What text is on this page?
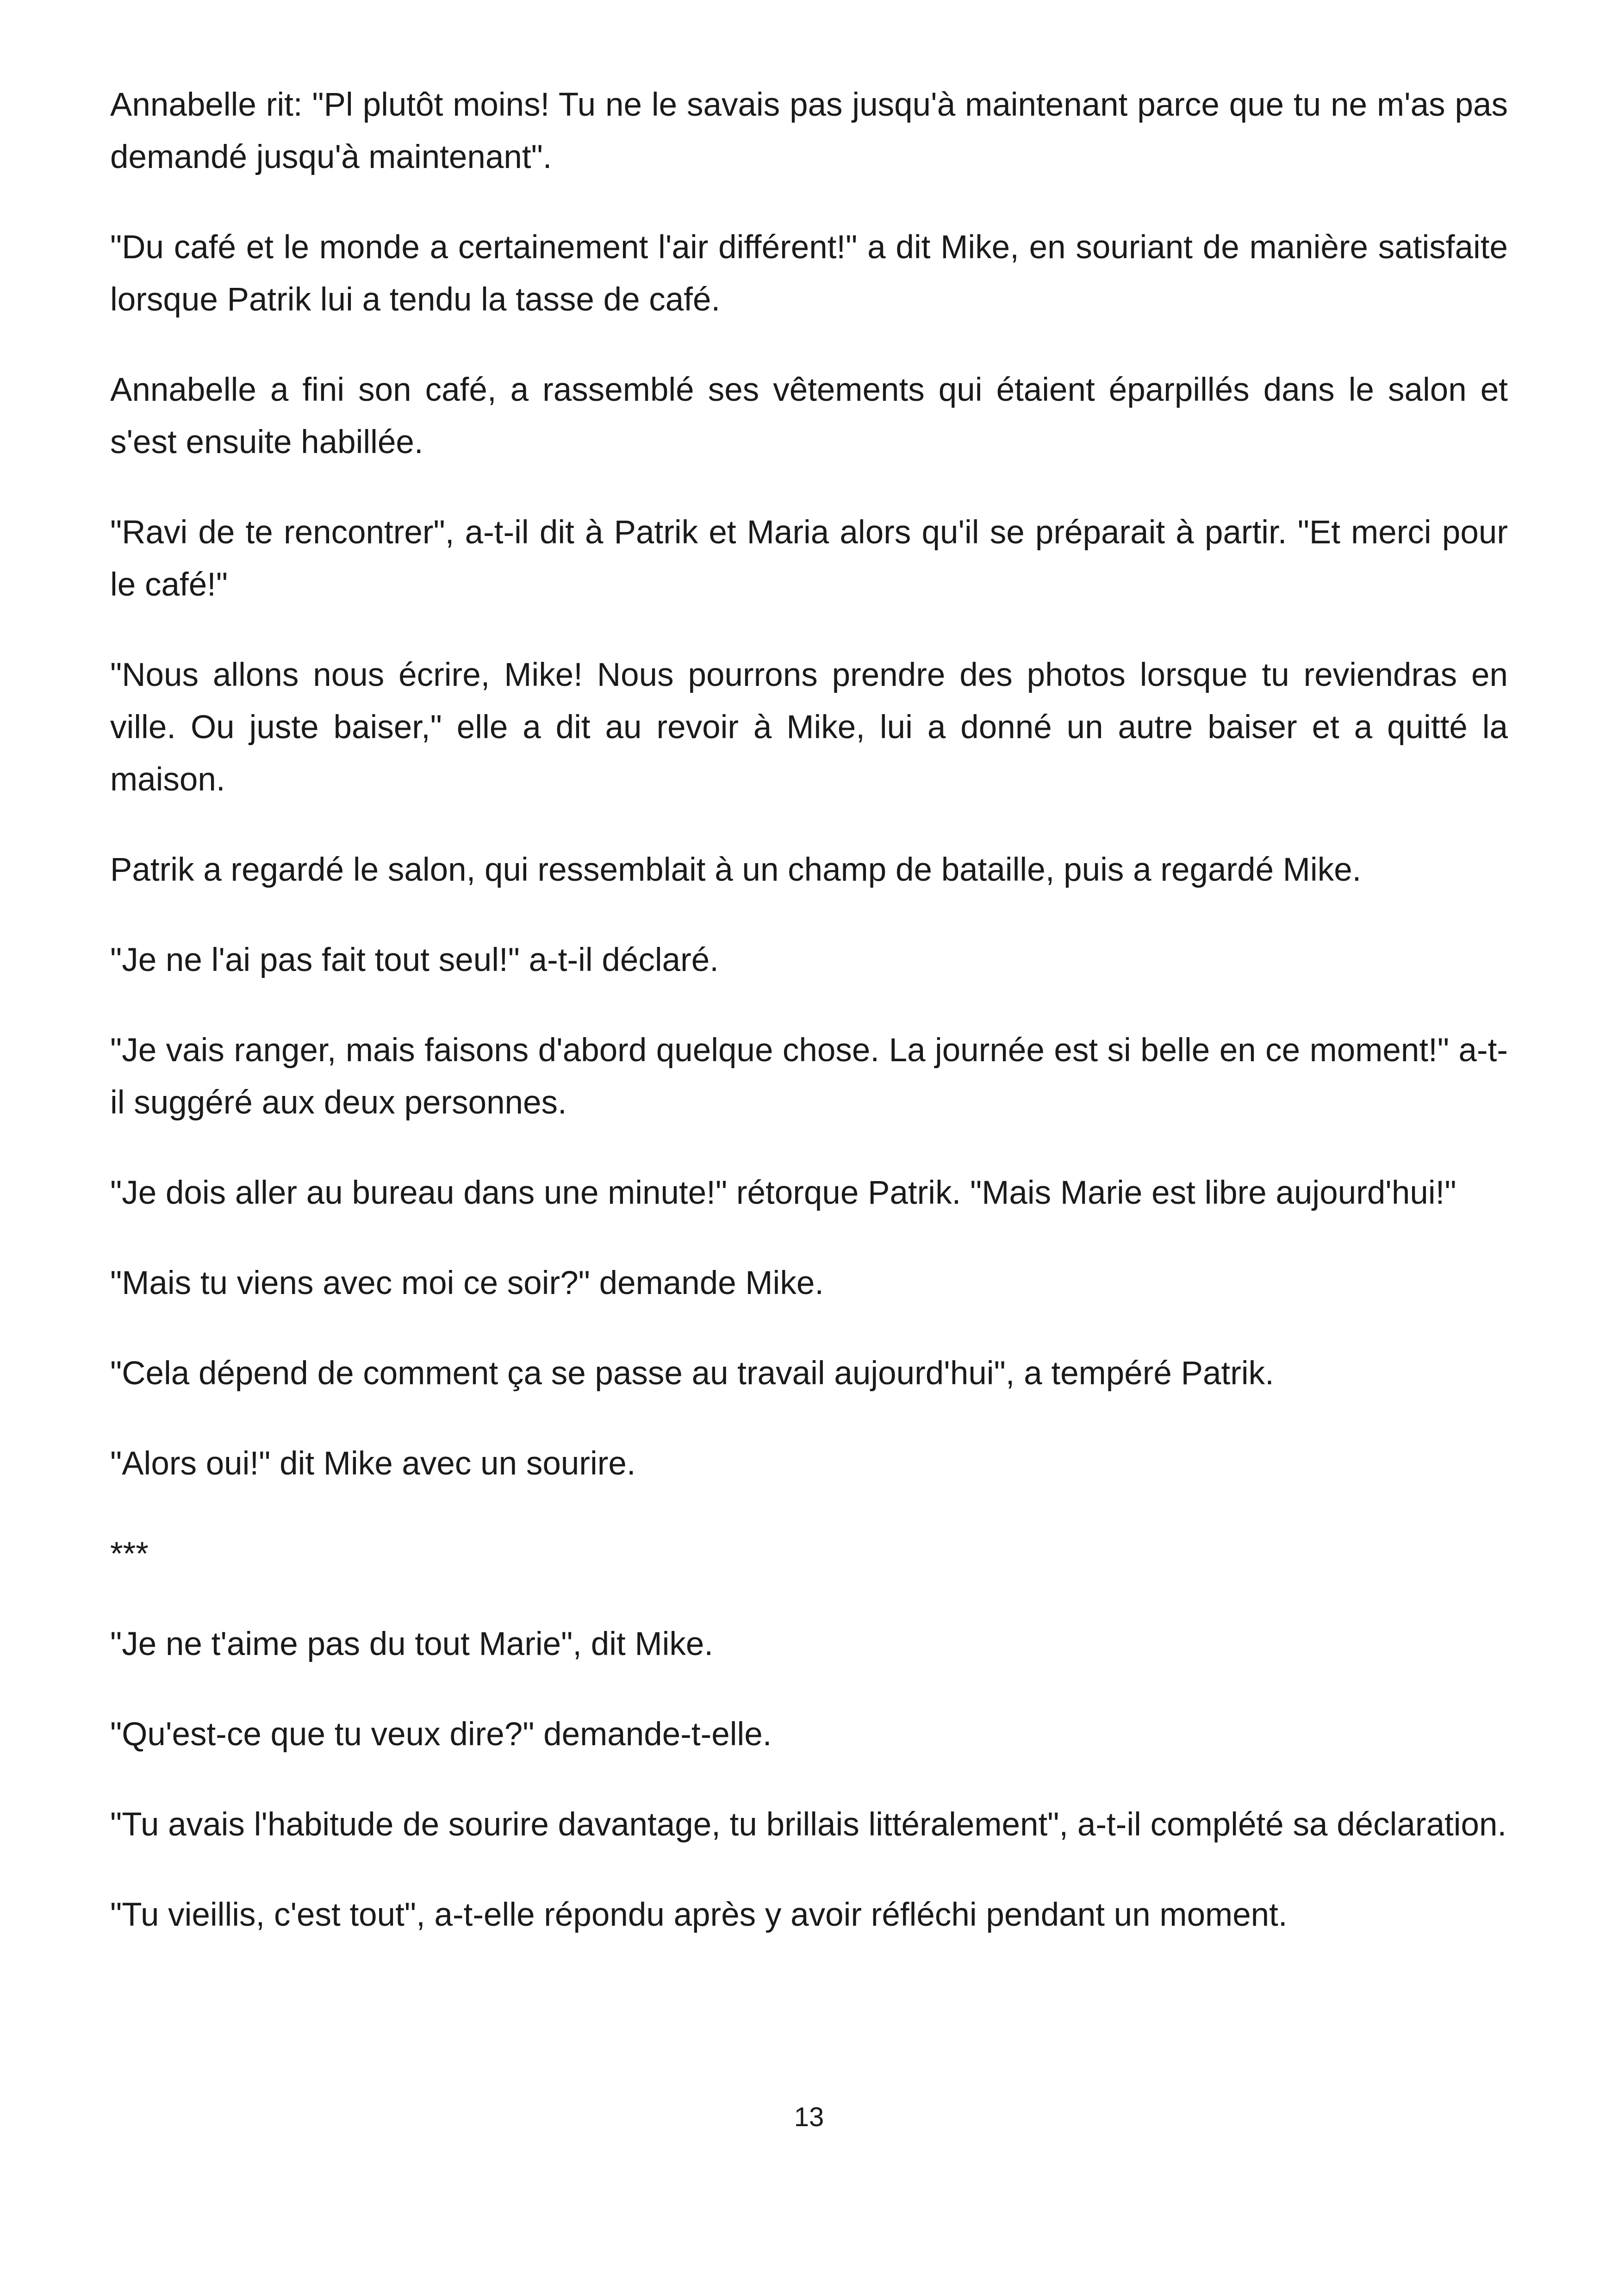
Annabelle rit: "Pl plutôt moins! Tu ne le savais pas jusqu'à maintenant parce que tu ne m'as pas demandé jusqu'à maintenant".

"Du café et le monde a certainement l'air différent!" a dit Mike, en souriant de manière satisfaite lorsque Patrik lui a tendu la tasse de café.

Annabelle a fini son café, a rassemblé ses vêtements qui étaient éparpillés dans le salon et s'est ensuite habillée.

"Ravi de te rencontrer", a-t-il dit à Patrik et Maria alors qu'il se préparait à partir. "Et merci pour le café!"

"Nous allons nous écrire, Mike! Nous pourrons prendre des photos lorsque tu reviendras en ville. Ou juste baiser," elle a dit au revoir à Mike, lui a donné un autre baiser et a quitté la maison.

Patrik a regardé le salon, qui ressemblait à un champ de bataille, puis a regardé Mike.

"Je ne l'ai pas fait tout seul!" a-t-il déclaré.

"Je vais ranger, mais faisons d'abord quelque chose. La journée est si belle en ce moment!" a-t-il suggéré aux deux personnes.

"Je dois aller au bureau dans une minute!" rétorque Patrik. "Mais Marie est libre aujourd'hui!"

"Mais tu viens avec moi ce soir?" demande Mike.

"Cela dépend de comment ça se passe au travail aujourd'hui", a tempéré Patrik.

"Alors oui!" dit Mike avec un sourire.

***

"Je ne t'aime pas du tout Marie", dit Mike.

"Qu'est-ce que tu veux dire?" demande-t-elle.

"Tu avais l'habitude de sourire davantage, tu brillais littéralement", a-t-il complété sa déclaration.

"Tu vieillis, c'est tout", a-t-elle répondu après y avoir réfléchi pendant un moment.

13
